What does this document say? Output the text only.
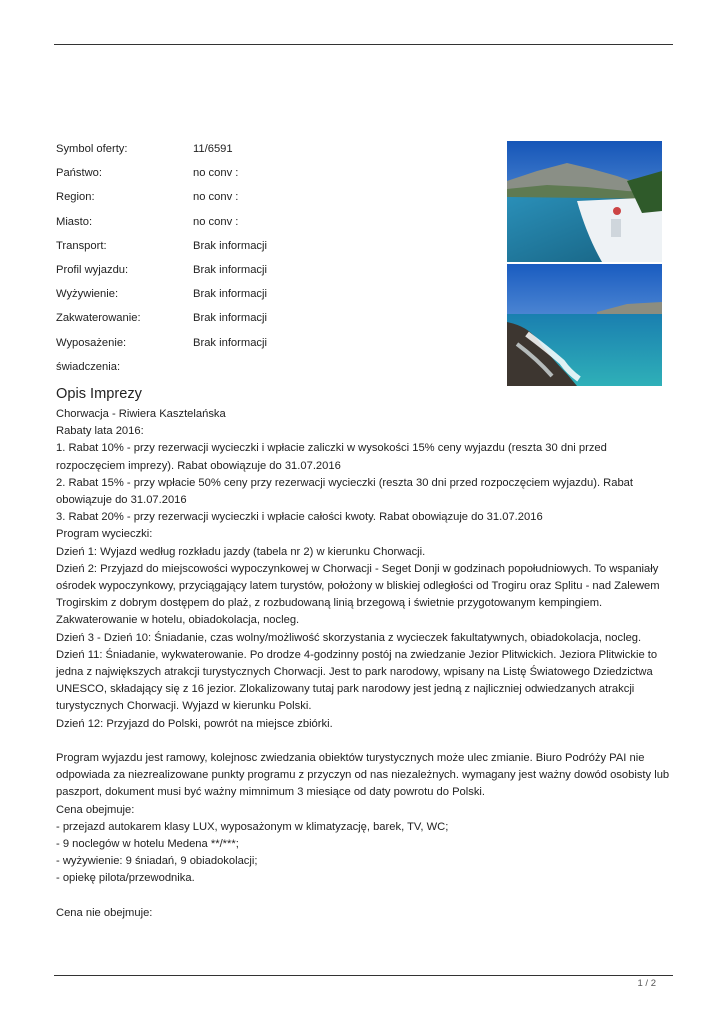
Symbol oferty:	11/6591
Państwo:	no conv :
Region:	no conv :
Miasto:	no conv :
Transport:	Brak informacji
Profil wyjazdu:	Brak informacji
Wyżywienie:	Brak informacji
Zakwaterowanie:	Brak informacji
Wyposażenie:	Brak informacji
świadczenia:
Opis Imprezy

Chorwacja - Riwiera Kasztelańska

Rabaty lata 2016:

1. Rabat 10% - przy rezerwacji wycieczki i wpłacie zaliczki w wysokości 15% ceny wyjazdu (reszta 30 dni przed rozpoczęciem imprezy). Rabat obowiązuje do 31.07.2016

2. Rabat 15% - przy wpłacie 50% ceny przy rezerwacji wycieczki (reszta 30 dni przed rozpoczęciem wyjazdu). Rabat obowiązuje do 31.07.2016

3. Rabat 20% - przy rezerwacji wycieczki i wpłacie całości kwoty. Rabat obowiązuje do 31.07.2016

Program wycieczki:

Dzień 1: Wyjazd według rozkładu jazdy (tabela nr 2) w kierunku Chorwacji.

Dzień 2: Przyjazd do miejscowości wypoczynkowej w Chorwacji - Seget Donji w godzinach popołudniowych. To wspaniały ośrodek wypoczynkowy, przyciągający latem turystów, położony w bliskiej odległości od Trogiru oraz Splitu - nad Zalewem Trogirskim z dobrym dostępem do plaż, z rozbudowaną linią brzegową i świetnie przygotowanym kempingiem. Zakwaterowanie w hotelu, obiadokolacja, nocleg.

Dzień 3 - Dzień 10: Śniadanie, czas wolny/możliwość skorzystania z wycieczek fakultatywnych, obiadokolacja, nocleg.

Dzień 11: Śniadanie, wykwaterowanie. Po drodze 4-godzinny postój na zwiedzanie Jezior Plitwickich. Jeziora Plitwickie to jedna z największych atrakcji turystycznych Chorwacji. Jest to park narodowy, wpisany na Listę Światowego Dziedzictwa UNESCO, składający się z 16 jezior. Zlokalizowany tutaj park narodowy jest jedną z najliczniej odwiedzanych atrakcji turystycznych Chorwacji. Wyjazd w kierunku Polski.

Dzień 12: Przyjazd do Polski, powrót na miejsce zbiórki.

Program wyjazdu jest ramowy, kolejnosc zwiedzania obiektów turystycznych może ulec zmianie. Biuro Podróży PAI nie odpowiada za niezrealizowane punkty programu z przyczyn od nas niezależnych. wymagany jest ważny dowód osobisty lub paszport, dokument musi być ważny mimnimum 3 miesiące od daty powrotu do Polski.

Cena obejmuje:

- przejazd autokarem klasy LUX, wyposażonym w klimatyzację, barek, TV, WC;

- 9 noclegów w hotelu Medena **/***;

- wyżywienie: 9 śniadań, 9 obiadokolacji;

- opiekę pilota/przewodnika.

Cena nie obejmuje:

1 / 2
